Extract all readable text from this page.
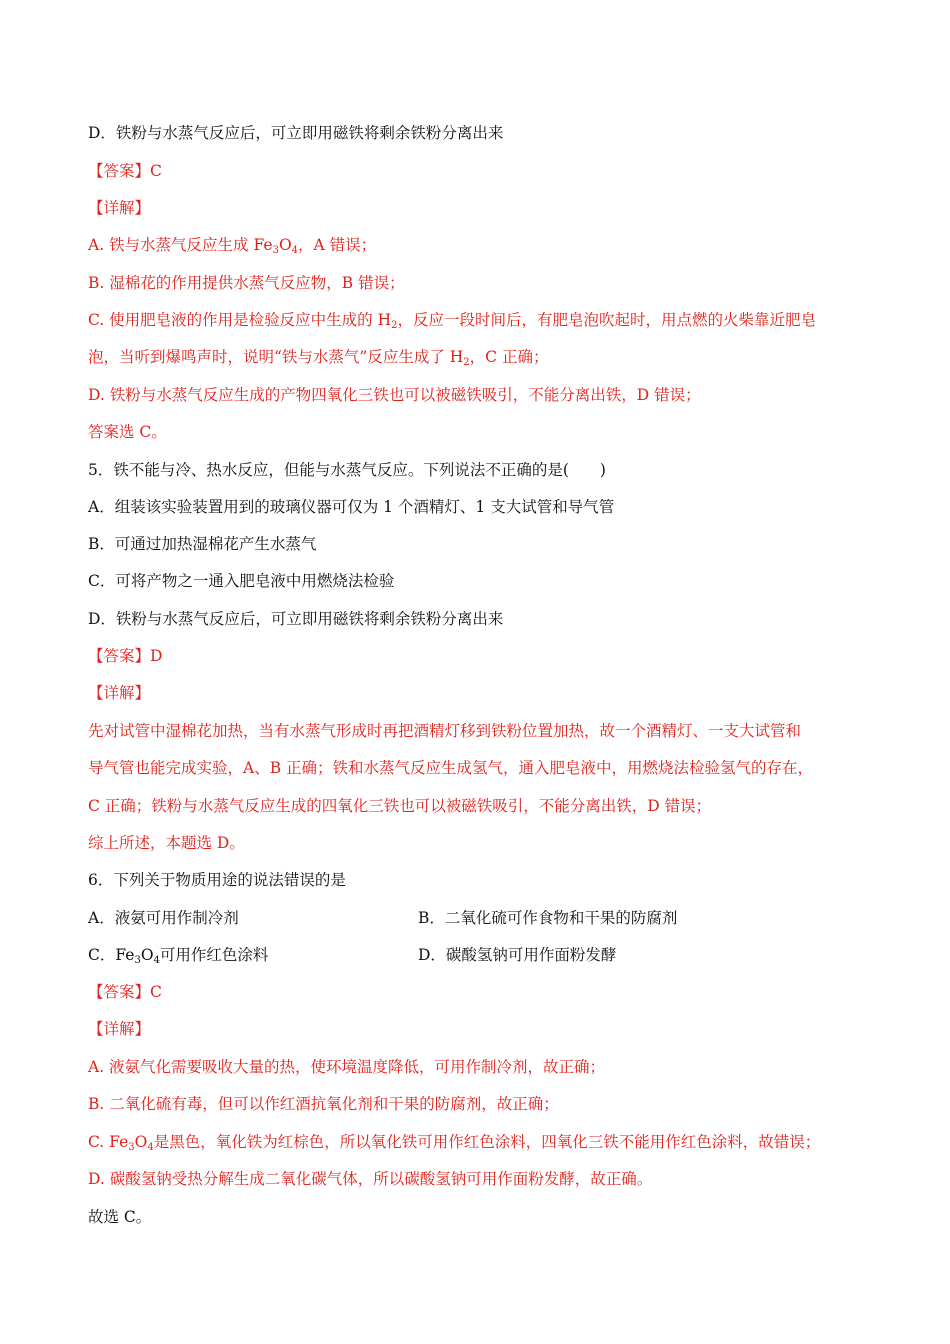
D．铁粉与水蒸气反应后，可立即用磁铁将剩余铁粉分离出来
【答案】C
【详解】
A. 铁与水蒸气反应生成 $Fe_3O_4$，A 错误；
B. 湿棉花的作用提供水蒸气反应物，B 错误；
C. 使用肥皂液的作用是检验反应中生成的 $H_2$，反应一段时间后，有肥皂泡吹起时，用点燃的火柴靠近肥皂
泡，当听到爆鸣声时，说明“铁与水蒸气”反应生成了 $H_2$，C 正确；
D. 铁粉与水蒸气反应生成的产物四氧化三铁也可以被磁铁吸引，不能分离出铁，D 错误；
答案选 C。
5．铁不能与冷、热水反应，但能与水蒸气反应。下列说法不正确的是(　　)
A．组装该实验装置用到的玻璃仪器可仅为 1 个酒精灯、1 支大试管和导气管
B．可通过加热湿棉花产生水蒸气
C．可将产物之一通入肥皂液中用燃烧法检验
D．铁粉与水蒸气反应后，可立即用磁铁将剩余铁粉分离出来
【答案】D
【详解】
先对试管中湿棉花加热，当有水蒸气形成时再把酒精灯移到铁粉位置加热，故一个酒精灯、一支大试管和
导气管也能完成实验，A、B 正确；铁和水蒸气反应生成氢气，通入肥皂液中，用燃烧法检验氢气的存在，
C 正确；铁粉与水蒸气反应生成的四氧化三铁也可以被磁铁吸引，不能分离出铁，D 错误；
综上所述，本题选 D。
6．下列关于物质用途的说法错误的是
A．液氨可用作制冷剂	B．二氧化硫可作食物和干果的防腐剂
C．$Fe_3O_4$可用作红色涂料	D．碳酸氢钠可用作面粉发酵
【答案】C
【详解】
A. 液氨气化需要吸收大量的热，使环境温度降低，可用作制冷剂，故正确；
B. 二氧化硫有毒，但可以作红酒抗氧化剂和干果的防腐剂，故正确；
C. $Fe_3O_4$是黑色，氧化铁为红棕色，所以氧化铁可用作红色涂料，四氧化三铁不能用作红色涂料，故错误；
D. 碳酸氢钠受热分解生成二氧化碳气体，所以碳酸氢钠可用作面粉发酵，故正确。
故选 C。
